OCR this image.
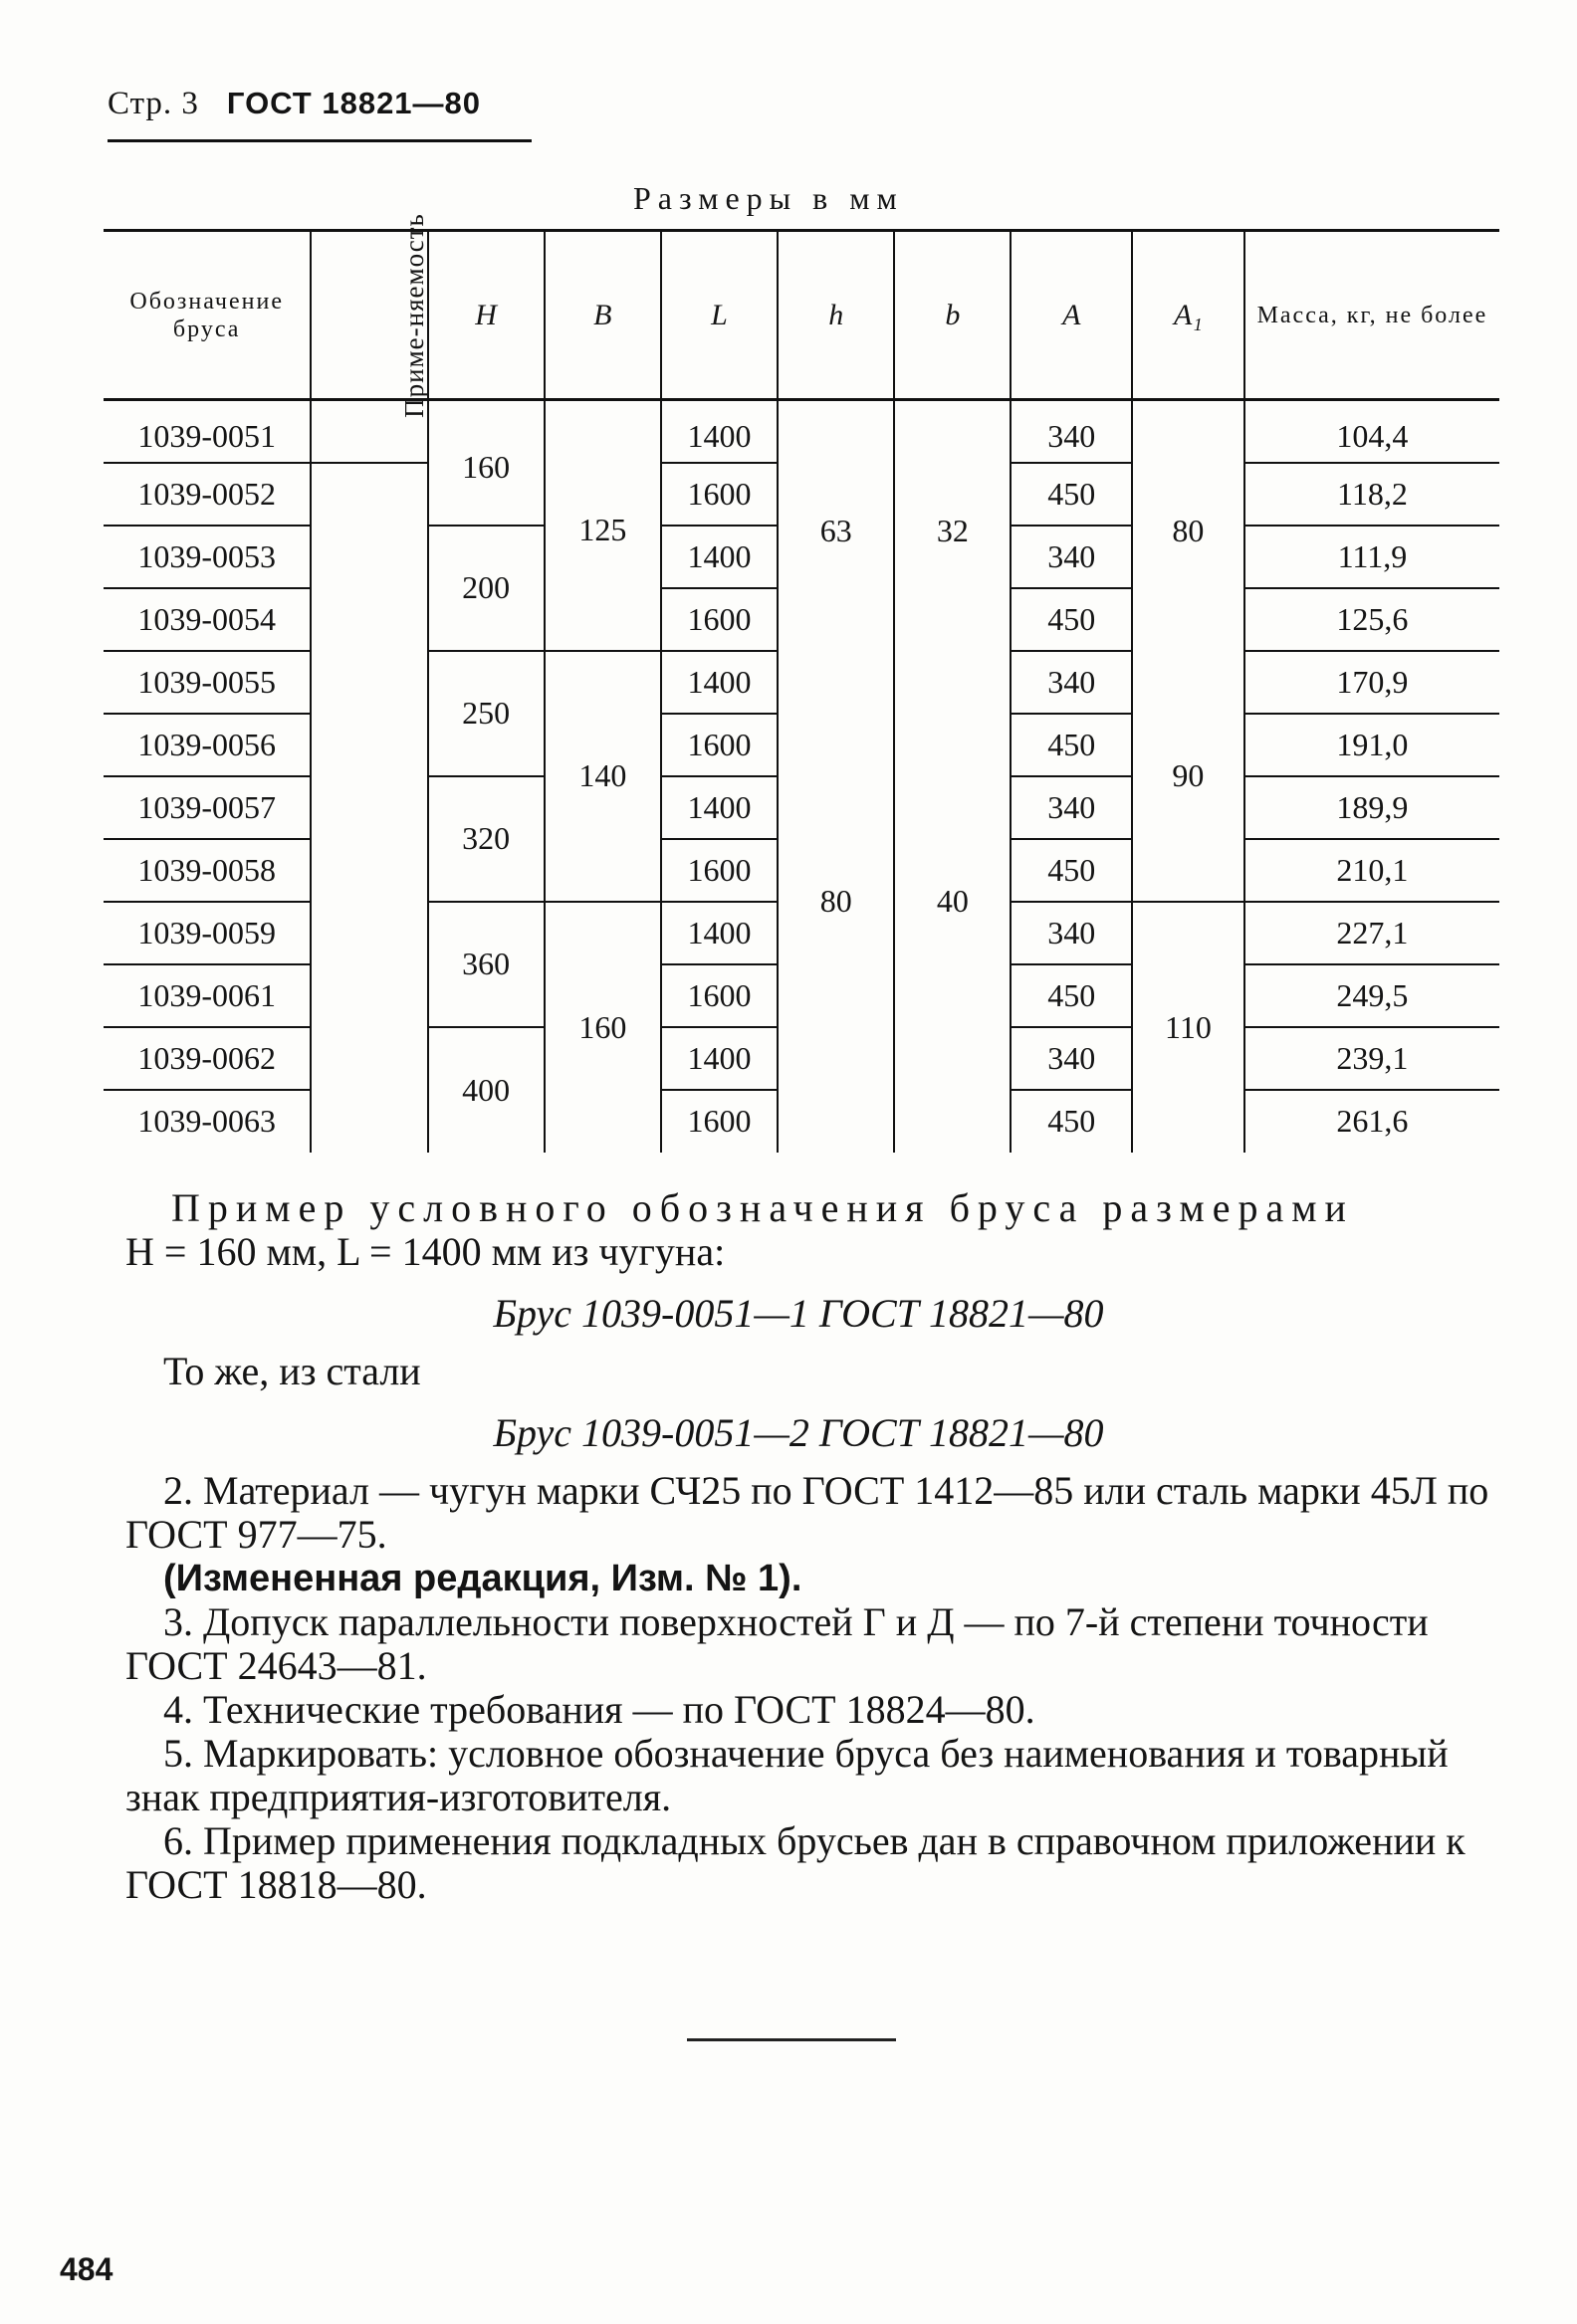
Стр. 3 ГОСТ 18821—80
Размеры в мм
Обозначение бруса	Приме-няемость	H	B	L	h	b	A	A₁	Масса, кг, не более
1039-0051		160	125	1400	63	32	340	80	104,4
1039-0052				1600			450		118,2
1039-0053		200		1400			340		111,9
1039-0054				1600			450		125,6
1039-0055		250	140	1400	80	40	340	90	170,9
1039-0056				1600			450		191,0
1039-0057		320		1400			340		189,9
1039-0058				1600			450		210,1
1039-0059		360	160	1400			340	110	227,1
1039-0061				1600			450		249,5
1039-0062		400		1400			340		239,1
1039-0063				1600			450		261,6

Пример условного обозначения бруса размерами

H = 160 мм, L = 1400 мм из чугуна:

Брус 1039-0051—1 ГОСТ 18821—80

То же, из стали

Брус 1039-0051—2 ГОСТ 18821—80

2. Материал — чугун марки СЧ25 по ГОСТ 1412—85 или сталь марки 45Л по ГОСТ 977—75.

(Измененная редакция, Изм. № 1).

3. Допуск параллельности поверхностей Г и Д — по 7-й степени точности ГОСТ 24643—81.

4. Технические требования — по ГОСТ 18824—80.

5. Маркировать: условное обозначение бруса без наименования и товарный знак предприятия-изготовителя.

6. Пример применения подкладных брусьев дан в справочном приложении к ГОСТ 18818—80.

484
